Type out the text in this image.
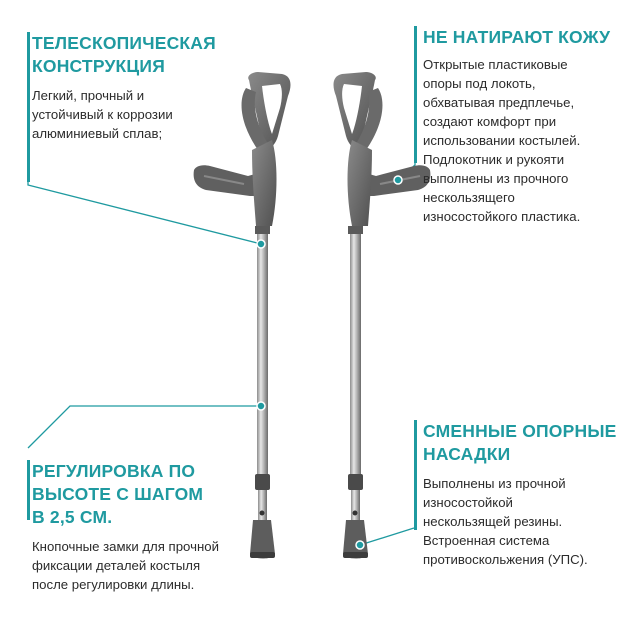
ТЕЛЕСКОПИЧЕСКАЯ
КОНСТРУКЦИЯ
Легкий, прочный и
устойчивый к коррозии
алюминиевый сплав;
НЕ НАТИРАЮТ КОЖУ
Открытые пластиковые
опоры под локоть,
обхватывая предплечье,
создают комфорт при
использовании костылей.
Подлокотник и рукояти
выполнены из прочного
нескользящего
износостойкого пластика.
РЕГУЛИРОВКА ПО
ВЫСОТЕ С ШАГОМ
В 2,5 СМ.
Кнопочные замки для прочной
фиксации деталей костыля
после регулировки длины.
СМЕННЫЕ ОПОРНЫЕ
НАСАДКИ
Выполнены из прочной
износостойкой
нескользящей резины.
Встроенная система
противоскольжения (УПС).
